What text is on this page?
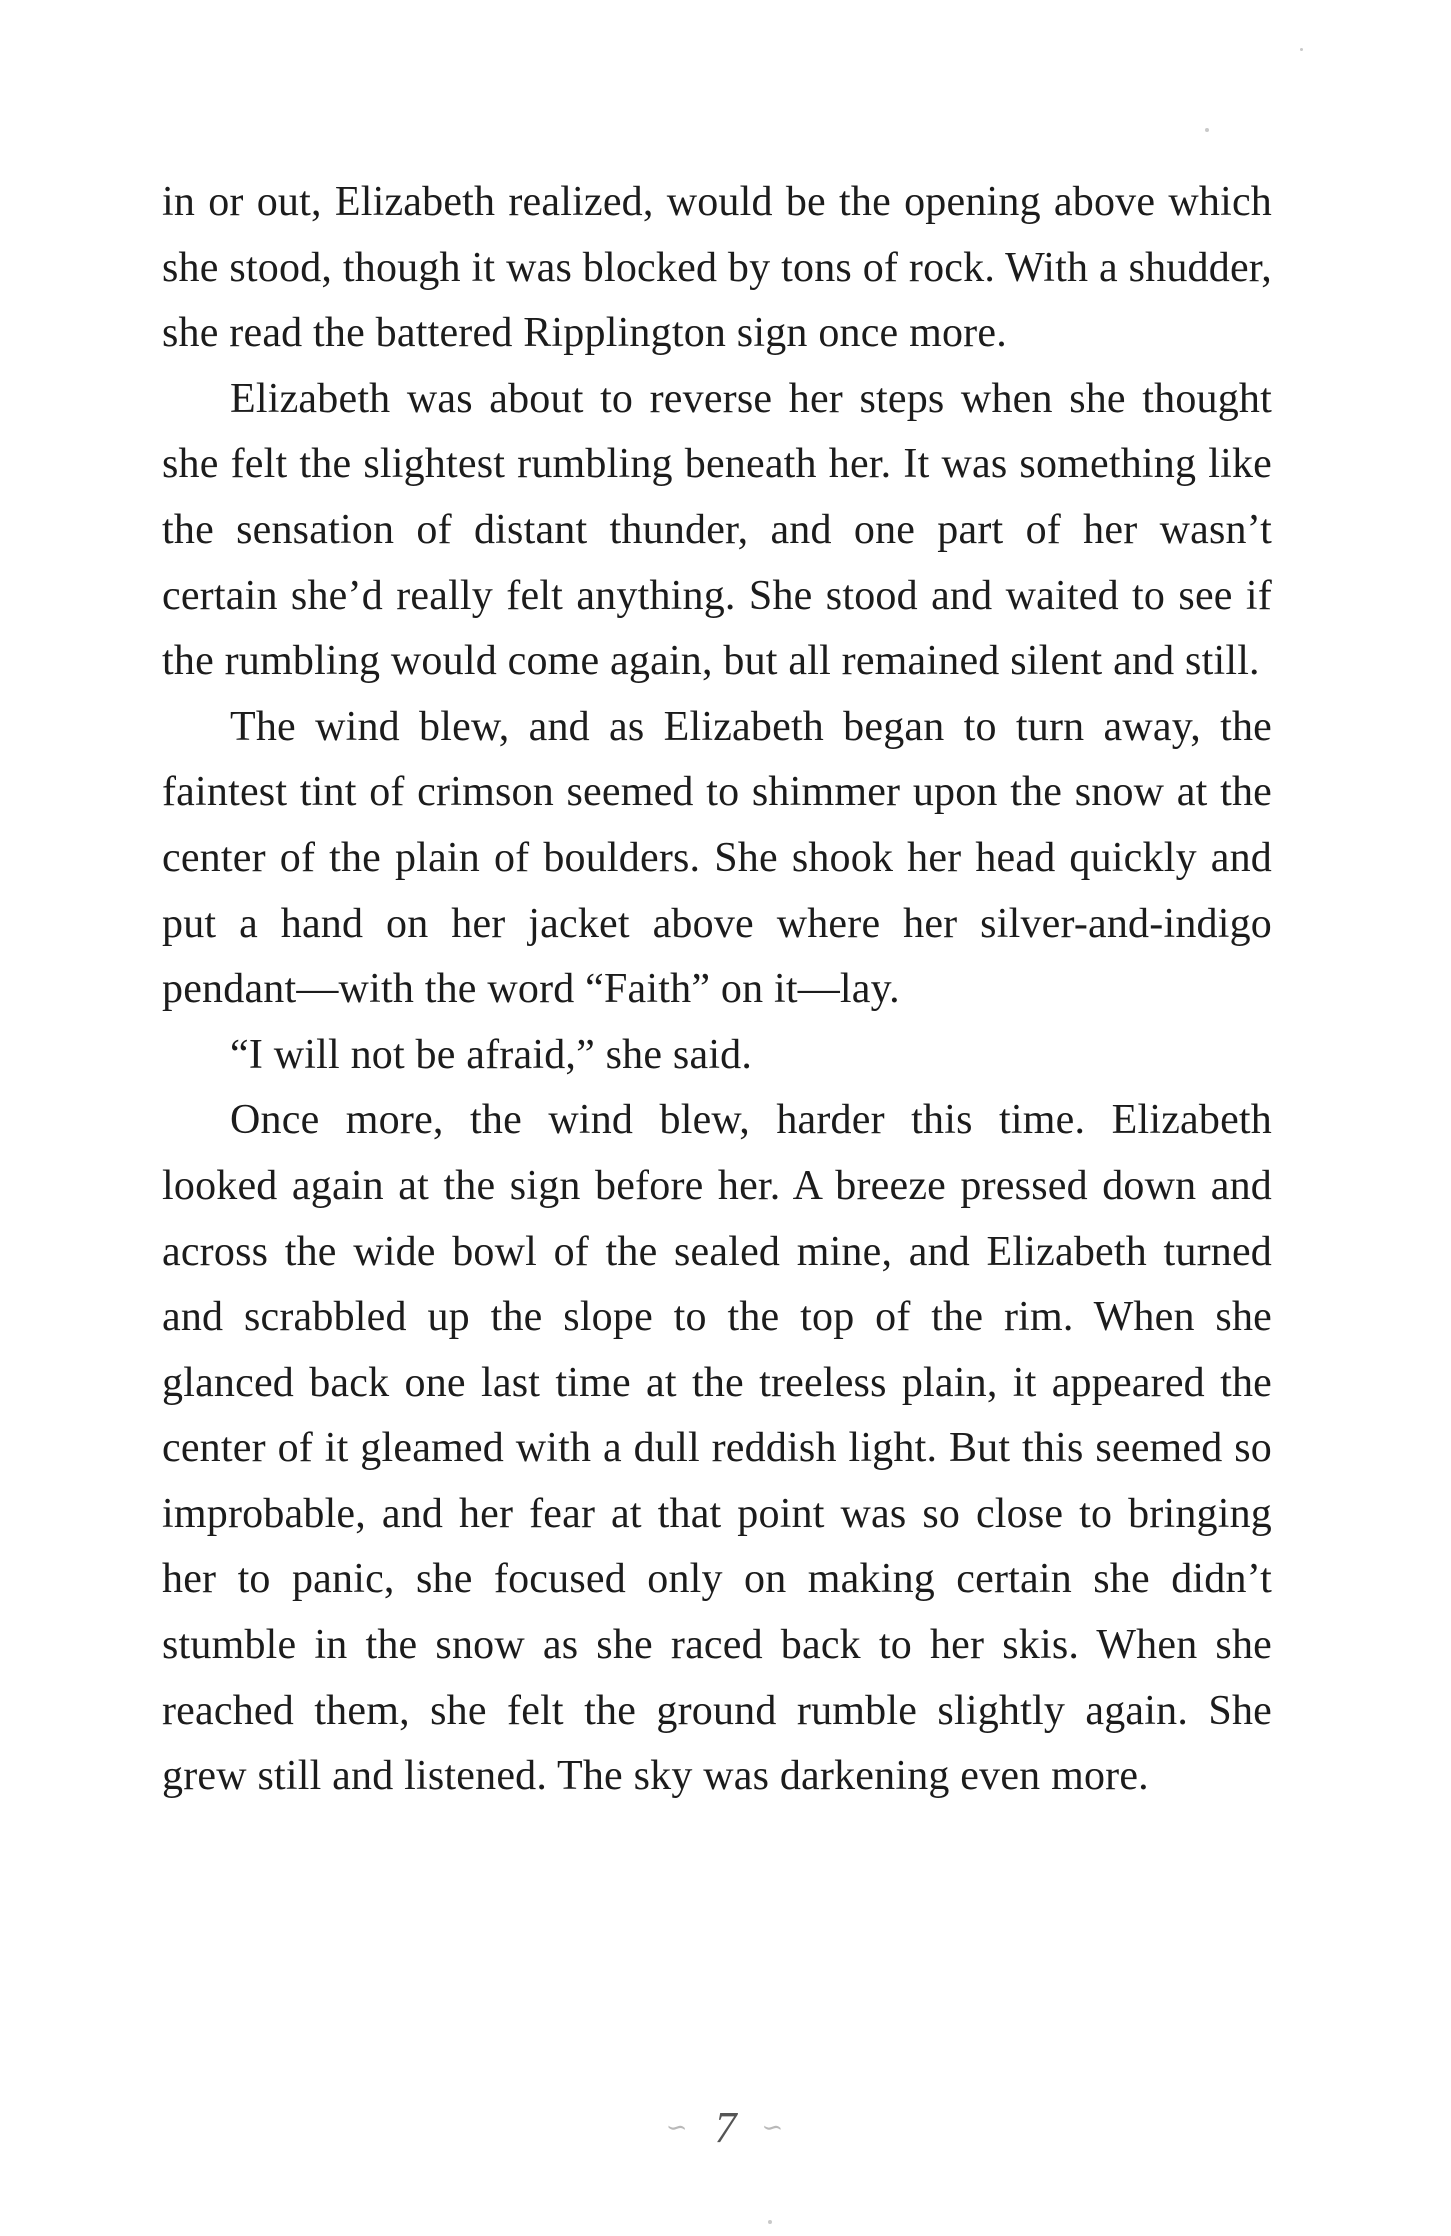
in or out, Elizabeth realized, would be the opening above which she stood, though it was blocked by tons of rock. With a shudder, she read the battered Ripplington sign once more.

Elizabeth was about to reverse her steps when she thought she felt the slightest rumbling beneath her. It was something like the sensation of distant thunder, and one part of her wasn’t certain she’d really felt anything. She stood and waited to see if the rumbling would come again, but all remained silent and still.

The wind blew, and as Elizabeth began to turn away, the faintest tint of crimson seemed to shimmer upon the snow at the center of the plain of boulders. She shook her head quickly and put a hand on her jacket above where her silver-and-indigo pendant—with the word “Faith” on it—lay.

“I will not be afraid,” she said.

Once more, the wind blew, harder this time. Elizabeth looked again at the sign before her. A breeze pressed down and across the wide bowl of the sealed mine, and Elizabeth turned and scrabbled up the slope to the top of the rim. When she glanced back one last time at the treeless plain, it appeared the center of it gleamed with a dull reddish light. But this seemed so improbable, and her fear at that point was so close to bringing her to panic, she focused only on making certain she didn’t stumble in the snow as she raced back to her skis. When she reached them, she felt the ground rumble slightly again. She grew still and listened. The sky was darkening even more.

∽ 7 ∽
